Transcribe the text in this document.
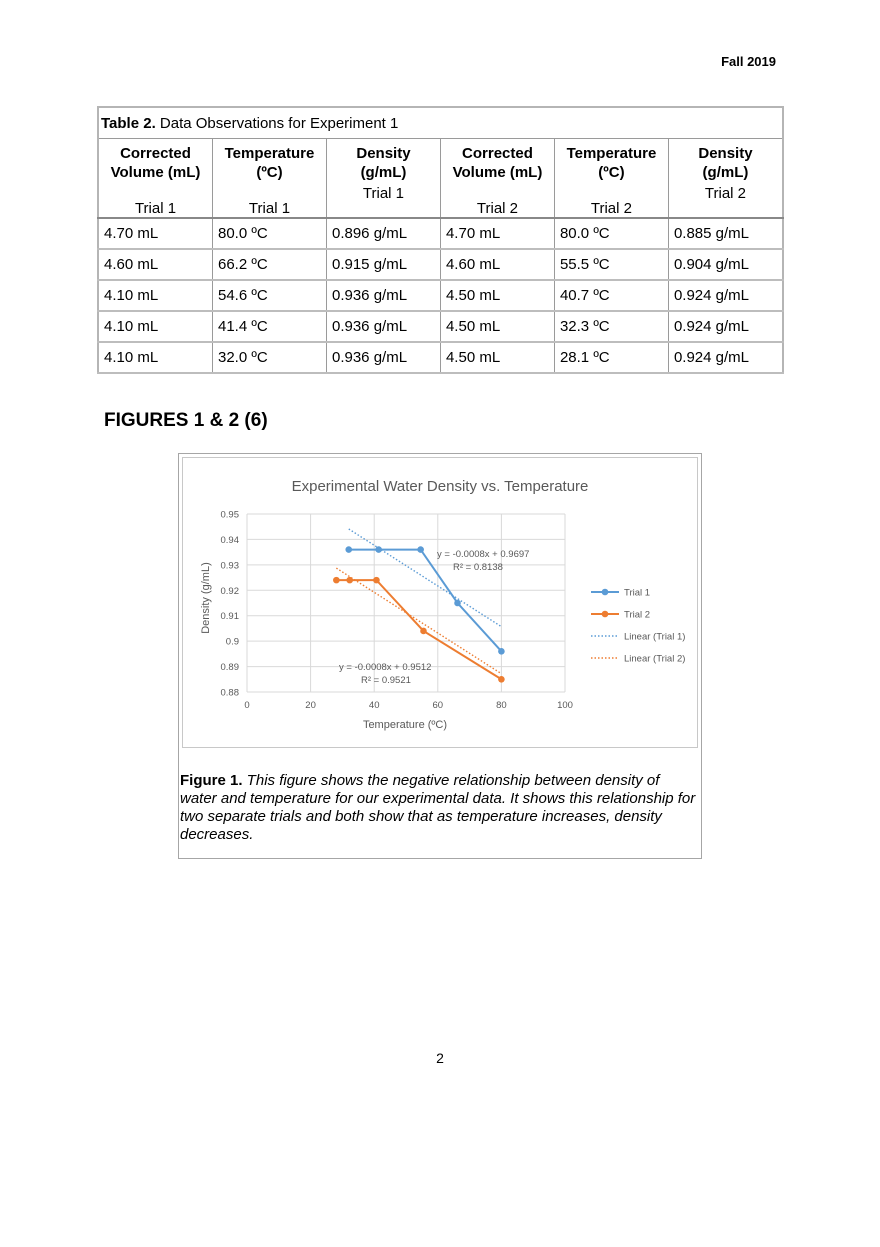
Fall 2019
Table 2. Data Observations for Experiment 1					
Corrected Volume (mL)	Temperature (ºC)	Density (g/mL)	Corrected Volume (mL)	Temperature (ºC)	Density (g/mL)
Trial 1	Trial 1	Trial 1	Trial 2	Trial 2	Trial 2
4.70 mL	80.0 ºC	0.896 g/mL	4.70 mL	80.0 ºC	0.885 g/mL
4.60 mL	66.2 ºC	0.915 g/mL	4.60 mL	55.5 ºC	0.904 g/mL
4.10 mL	54.6 ºC	0.936 g/mL	4.50 mL	40.7 ºC	0.924 g/mL
4.10 mL	41.4 ºC	0.936 g/mL	4.50 mL	32.3 ºC	0.924 g/mL
4.10 mL	32.0 ºC	0.936 g/mL	4.50 mL	28.1 ºC	0.924 g/mL
FIGURES 1 & 2 (6)
Experimental Water Density vs. Temperature
0.88
0.89
0.9
0.91
0.92
0.93
0.94
0.95
0	20	40	60	80	100
Density (g/mL)
Temperature (ºC)
y = -0.0008x + 0.9697
R² = 0.8138
y = -0.0008x + 0.9512
R² = 0.9521
Trial 1
Trial 2
Linear (Trial 1)
Linear (Trial 2)
Figure 1. This figure shows the negative relationship between density of water and temperature for our experimental data. It shows this relationship for two separate trials and both show that as temperature increases, density decreases.
2
